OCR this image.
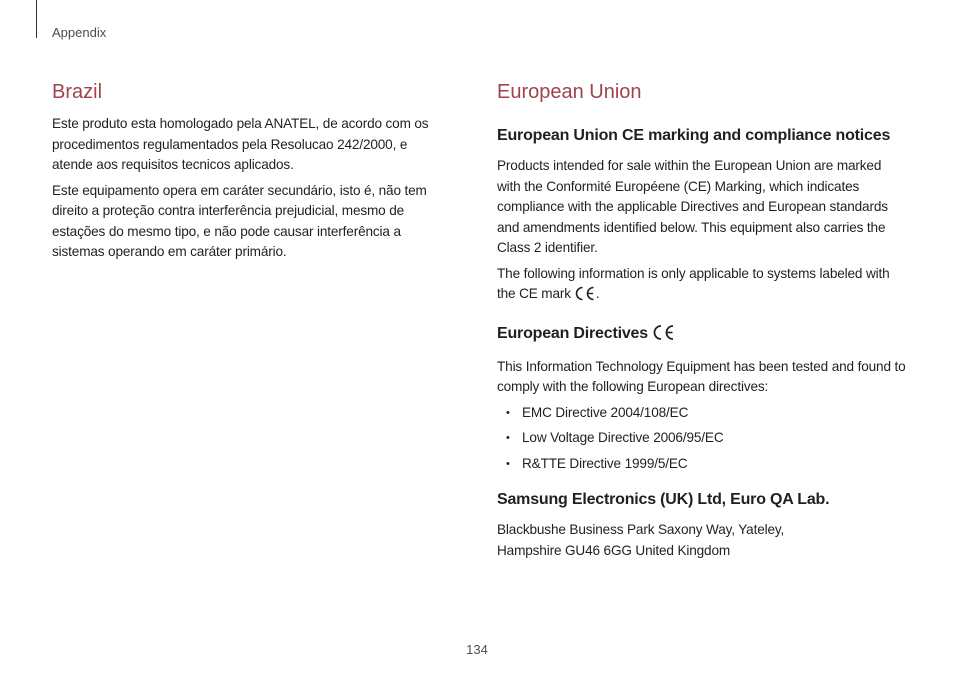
Appendix
Brazil

Este produto esta homologado pela ANATEL, de acordo com os procedimentos regulamentados pela Resolucao 242/2000, e atende aos requisitos tecnicos aplicados.

Este equipamento opera em caráter secundário, isto é, não tem direito a proteção contra interferência prejudicial, mesmo de estações do mesmo tipo, e não pode causar interferência a sistemas operando em caráter primário.

European Union
European Union CE marking and compliance notices

Products intended for sale within the European Union are marked with the Conformité Européene (CE) Marking, which indicates compliance with the applicable Directives and European standards and amendments identified below. This equipment also carries the Class 2 identifier.

The following information is only applicable to systems labeled with the CE mark .

European Directives

This Information Technology Equipment has been tested and found to comply with the following European directives:

• EMC Directive 2004/108/EC
• Low Voltage Directive 2006/95/EC
• R&TTE Directive 1999/5/EC
Samsung Electronics (UK) Ltd, Euro QA Lab.

Blackbushe Business Park Saxony Way, Yateley,
Hampshire GU46 6GG United Kingdom

134
